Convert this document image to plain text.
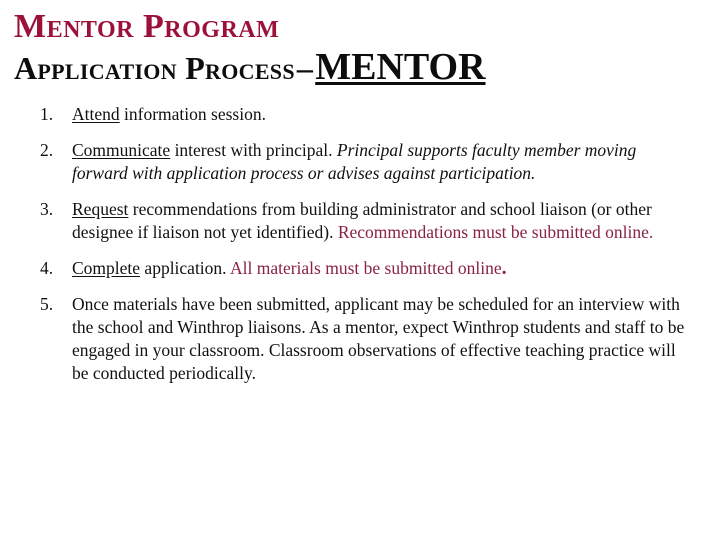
Mentor Program
Application Process–MENTOR
1.	Attend information session.
2.	Communicate interest with principal. Principal supports faculty member moving forward with application process or advises against participation.
3.	Request recommendations from building administrator and school liaison (or other designee if liaison not yet identified). Recommendations must be submitted online.
4.	Complete application. All materials must be submitted online.
5.	Once materials have been submitted, applicant may be scheduled for an interview with the school and Winthrop liaisons. As a mentor, expect Winthrop students and staff to be engaged in your classroom. Classroom observations of effective teaching practice will be conducted periodically.
